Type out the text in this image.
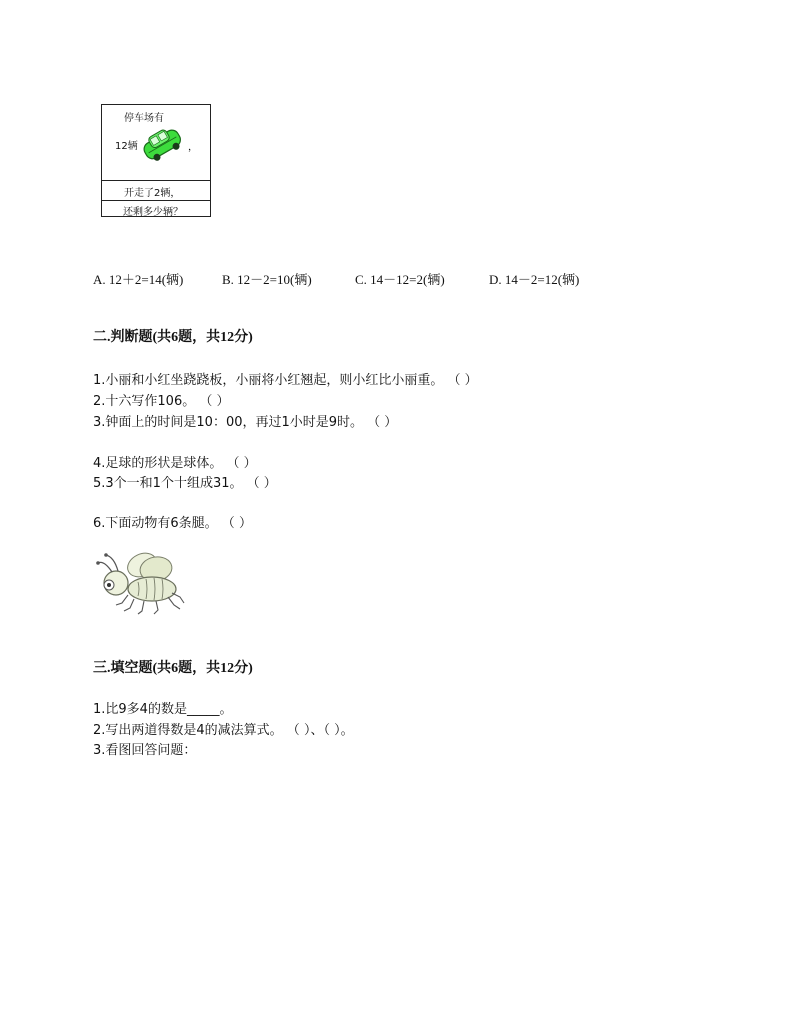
停车场有
12辆	，
开走了2辆，
还剩多少辆？
A. 12＋2=14(辆)	B. 12－2=10(辆)	C. 14－12=2(辆)	D. 14－2=12(辆)
二.判断题(共6题，共12分)
1.小丽和小红坐跷跷板，小丽将小红翘起，则小红比小丽重。 （ ）
2.十六写作106。 （ ）
3.钟面上的时间是10：00，再过1小时是9时。 （ ）
4.足球的形状是球体。 （ ）
5.3个一和1个十组成31。 （ ）
6.下面动物有6条腿。 （ ）
三.填空题(共6题，共12分)
1.比9多4的数是_____。
2.写出两道得数是4的减法算式。 （ ）、（ ）。
3.看图回答问题：
